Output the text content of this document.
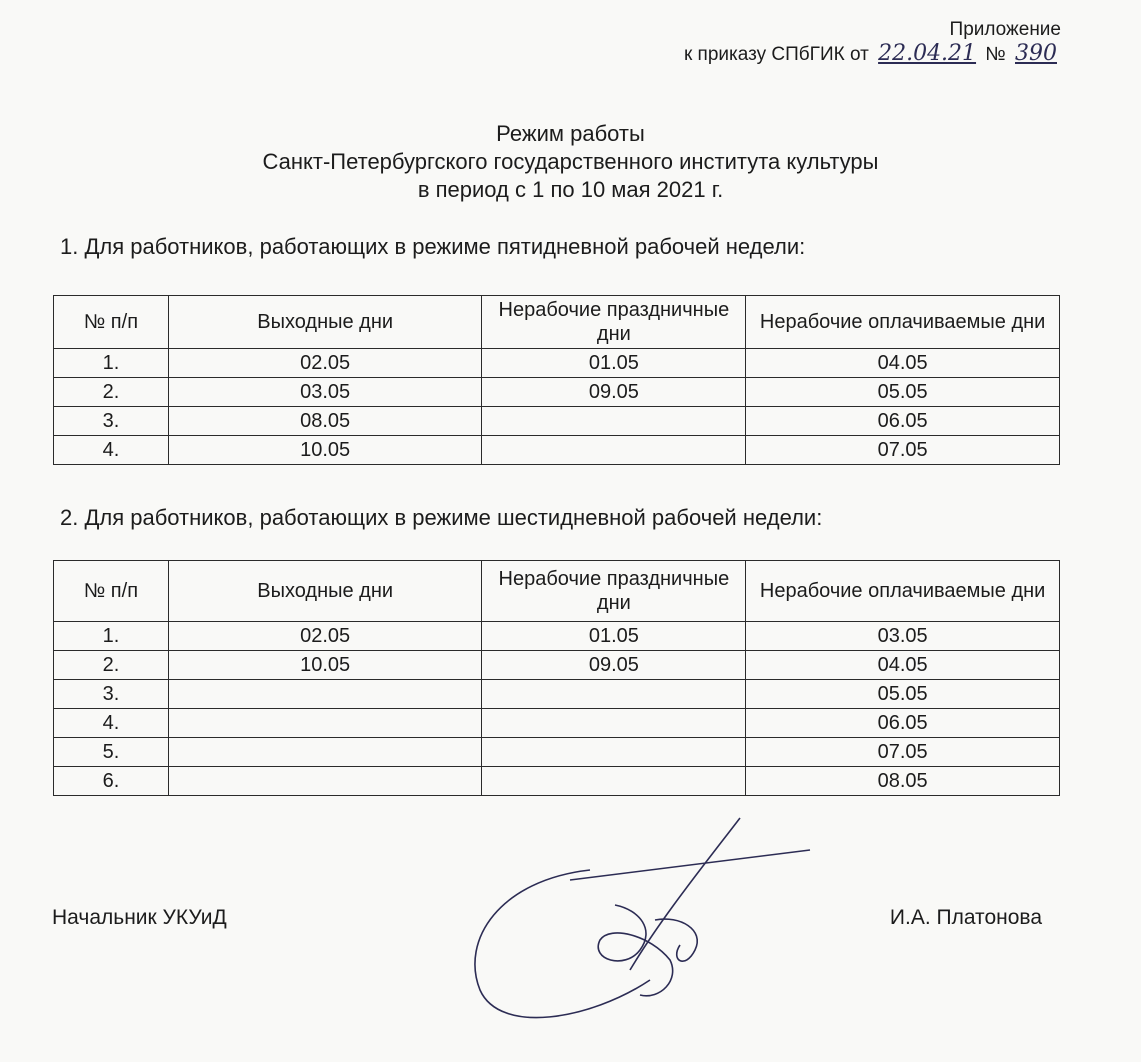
Приложение
к приказу СПбГИК от 22.04.21 № 390
Режим работы
Санкт-Петербургского государственного института культуры
в период с 1 по 10 мая 2021 г.
1. Для работников, работающих в режиме пятидневной рабочей недели:
№ п/п	Выходные дни	Нерабочие праздничные дни	Нерабочие оплачиваемые дни
1.	02.05	01.05	04.05
2.	03.05	09.05	05.05
3.	08.05		06.05
4.	10.05		07.05
2. Для работников, работающих в режиме шестидневной рабочей недели:
№ п/п	Выходные дни	Нерабочие праздничные дни	Нерабочие оплачиваемые дни
1.	02.05	01.05	03.05
2.	10.05	09.05	04.05
3.			05.05
4.			06.05
5.			07.05
6.			08.05
Начальник УКУиД	И.А. Платонова
